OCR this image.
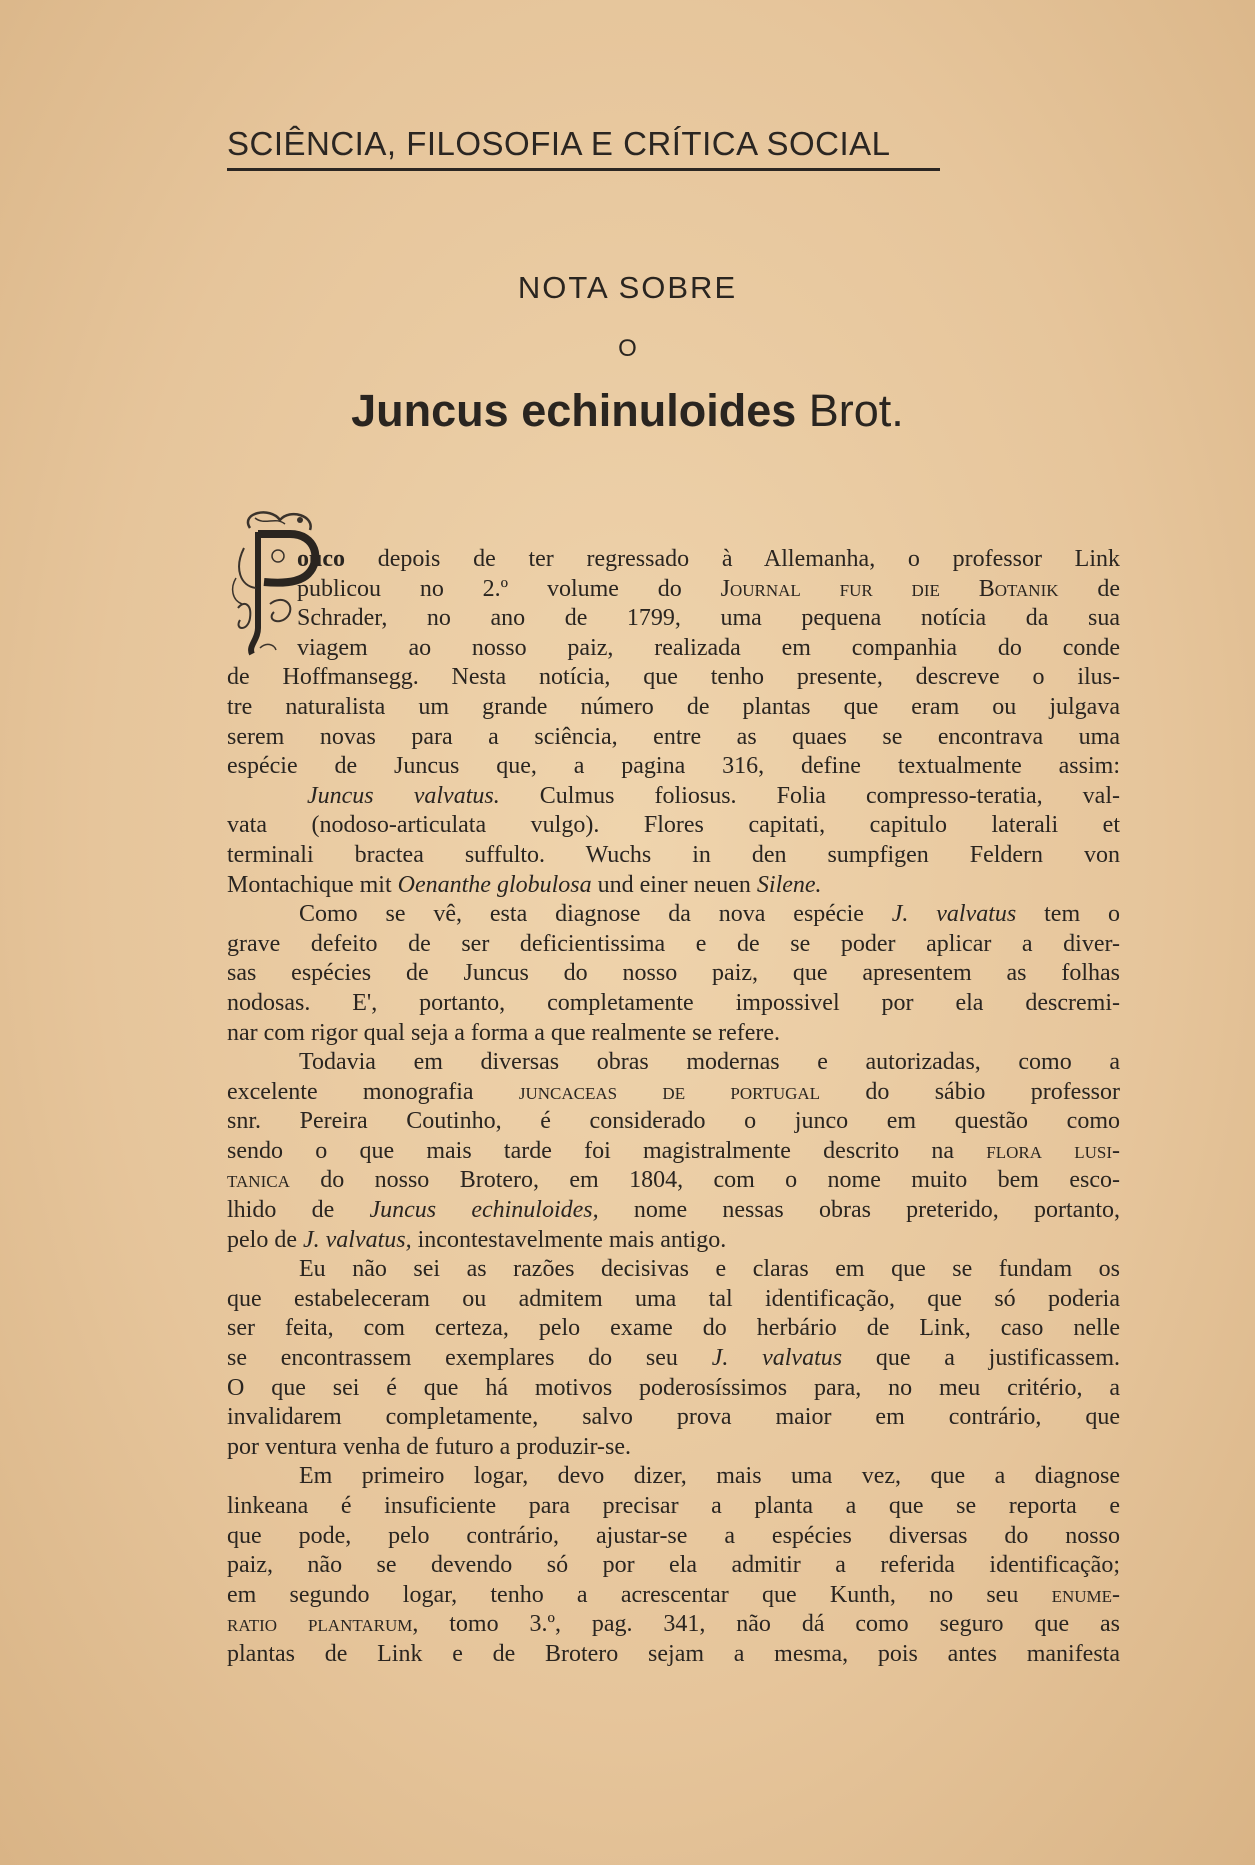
SCIÊNCIA, FILOSOFIA E CRÍTICA SOCIAL
NOTA SOBRE
O
Juncus echinuloides Brot.
ouco depois de ter regressado à Allemanha, o professor Link
publicou no 2.º volume do Journal fur die Botanik de
Schrader, no ano de 1799, uma pequena notícia da sua
viagem ao nosso paiz, realizada em companhia do conde
de Hoffmansegg. Nesta notícia, que tenho presente, descreve o ilus-
tre naturalista um grande número de plantas que eram ou julgava
serem novas para a sciência, entre as quaes se encontrava uma
espécie de Juncus que, a pagina 316, define textualmente assim:
Juncus valvatus. Culmus foliosus. Folia compresso-teratia, val-
vata (nodoso-articulata vulgo). Flores capitati, capitulo laterali et
terminali bractea suffulto. Wuchs in den sumpfigen Feldern von
Montachique mit Oenanthe globulosa und einer neuen Silene.
Como se vê, esta diagnose da nova espécie J. valvatus tem o
grave defeito de ser deficientissima e de se poder aplicar a diver-
sas espécies de Juncus do nosso paiz, que apresentem as folhas
nodosas. E', portanto, completamente impossivel por ela descremi-
nar com rigor qual seja a forma a que realmente se refere.
Todavia em diversas obras modernas e autorizadas, como a
excelente monografia juncaceas de portugal do sábio professor
snr. Pereira Coutinho, é considerado o junco em questão como
sendo o que mais tarde foi magistralmente descrito na flora lusi-
tanica do nosso Brotero, em 1804, com o nome muito bem esco-
lhido de Juncus echinuloides, nome nessas obras preterido, portanto,
pelo de J. valvatus, incontestavelmente mais antigo.
Eu não sei as razões decisivas e claras em que se fundam os
que estabeleceram ou admitem uma tal identificação, que só poderia
ser feita, com certeza, pelo exame do herbário de Link, caso nelle
se encontrassem exemplares do seu J. valvatus que a justificassem.
O que sei é que há motivos poderosíssimos para, no meu critério, a
invalidarem completamente, salvo prova maior em contrário, que
por ventura venha de futuro a produzir-se.
Em primeiro logar, devo dizer, mais uma vez, que a diagnose
linkeana é insuficiente para precisar a planta a que se reporta e
que pode, pelo contrário, ajustar-se a espécies diversas do nosso
paiz, não se devendo só por ela admitir a referida identificação;
em segundo logar, tenho a acrescentar que Kunth, no seu enume-
ratio plantarum, tomo 3.º, pag. 341, não dá como seguro que as
plantas de Link e de Brotero sejam a mesma, pois antes manifesta
